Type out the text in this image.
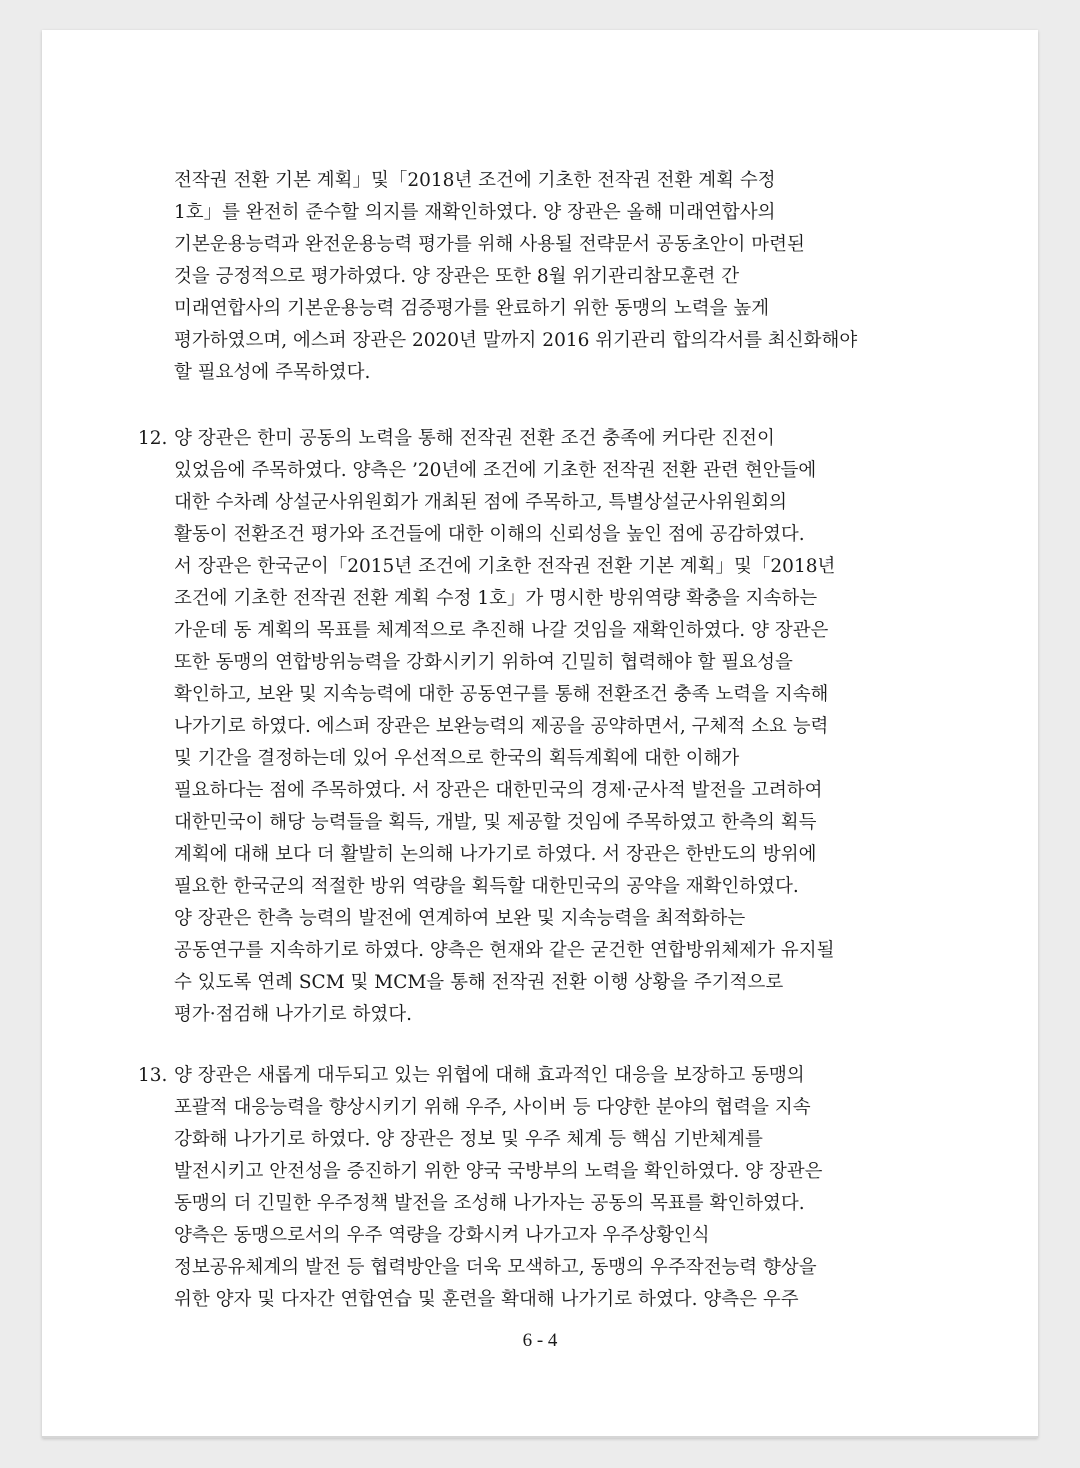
전작권 전환 기본 계획」및「2018년 조건에 기초한 전작권 전환 계획 수정
1호」를 완전히 준수할 의지를 재확인하였다. 양 장관은 올해 미래연합사의
기본운용능력과 완전운용능력 평가를 위해 사용될 전략문서 공동초안이 마련된
것을 긍정적으로 평가하였다. 양 장관은 또한 8월 위기관리참모훈련 간
미래연합사의 기본운용능력 검증평가를 완료하기 위한 동맹의 노력을 높게
평가하였으며, 에스퍼 장관은 2020년 말까지 2016 위기관리 합의각서를 최신화해야
할 필요성에 주목하였다.
12. 양 장관은 한미 공동의 노력을 통해 전작권 전환 조건 충족에 커다란 진전이
있었음에 주목하였다. 양측은 ’20년에 조건에 기초한 전작권 전환 관련 현안들에
대한 수차례 상설군사위원회가 개최된 점에 주목하고, 특별상설군사위원회의
활동이 전환조건 평가와 조건들에 대한 이해의 신뢰성을 높인 점에 공감하였다.
서 장관은 한국군이「2015년 조건에 기초한 전작권 전환 기본 계획」및「2018년
조건에 기초한 전작권 전환 계획 수정 1호」가 명시한 방위역량 확충을 지속하는
가운데 동 계획의 목표를 체계적으로 추진해 나갈 것임을 재확인하였다. 양 장관은
또한 동맹의 연합방위능력을 강화시키기 위하여 긴밀히 협력해야 할 필요성을
확인하고, 보완 및 지속능력에 대한 공동연구를 통해 전환조건 충족 노력을 지속해
나가기로 하였다. 에스퍼 장관은 보완능력의 제공을 공약하면서, 구체적 소요 능력
및 기간을 결정하는데 있어 우선적으로 한국의 획득계획에 대한 이해가
필요하다는 점에 주목하였다. 서 장관은 대한민국의 경제·군사적 발전을 고려하여
대한민국이 해당 능력들을 획득, 개발, 및 제공할 것임에 주목하였고 한측의 획득
계획에 대해 보다 더 활발히 논의해 나가기로 하였다. 서 장관은 한반도의 방위에
필요한 한국군의 적절한 방위 역량을 획득할 대한민국의 공약을 재확인하였다.
양 장관은 한측 능력의 발전에 연계하여 보완 및 지속능력을 최적화하는
공동연구를 지속하기로 하였다. 양측은 현재와 같은 굳건한 연합방위체제가 유지될
수 있도록 연례 SCM 및 MCM을 통해 전작권 전환 이행 상황을 주기적으로
평가·점검해 나가기로 하였다.
13. 양 장관은 새롭게 대두되고 있는 위협에 대해 효과적인 대응을 보장하고 동맹의
포괄적 대응능력을 향상시키기 위해 우주, 사이버 등 다양한 분야의 협력을 지속
강화해 나가기로 하였다. 양 장관은 정보 및 우주 체계 등 핵심 기반체계를
발전시키고 안전성을 증진하기 위한 양국 국방부의 노력을 확인하였다. 양 장관은
동맹의 더 긴밀한 우주정책 발전을 조성해 나가자는 공동의 목표를 확인하였다.
양측은 동맹으로서의 우주 역량을 강화시켜 나가고자 우주상황인식
정보공유체계의 발전 등 협력방안을 더욱 모색하고, 동맹의 우주작전능력 향상을
위한 양자 및 다자간 연합연습 및 훈련을 확대해 나가기로 하였다. 양측은 우주
6 - 4
